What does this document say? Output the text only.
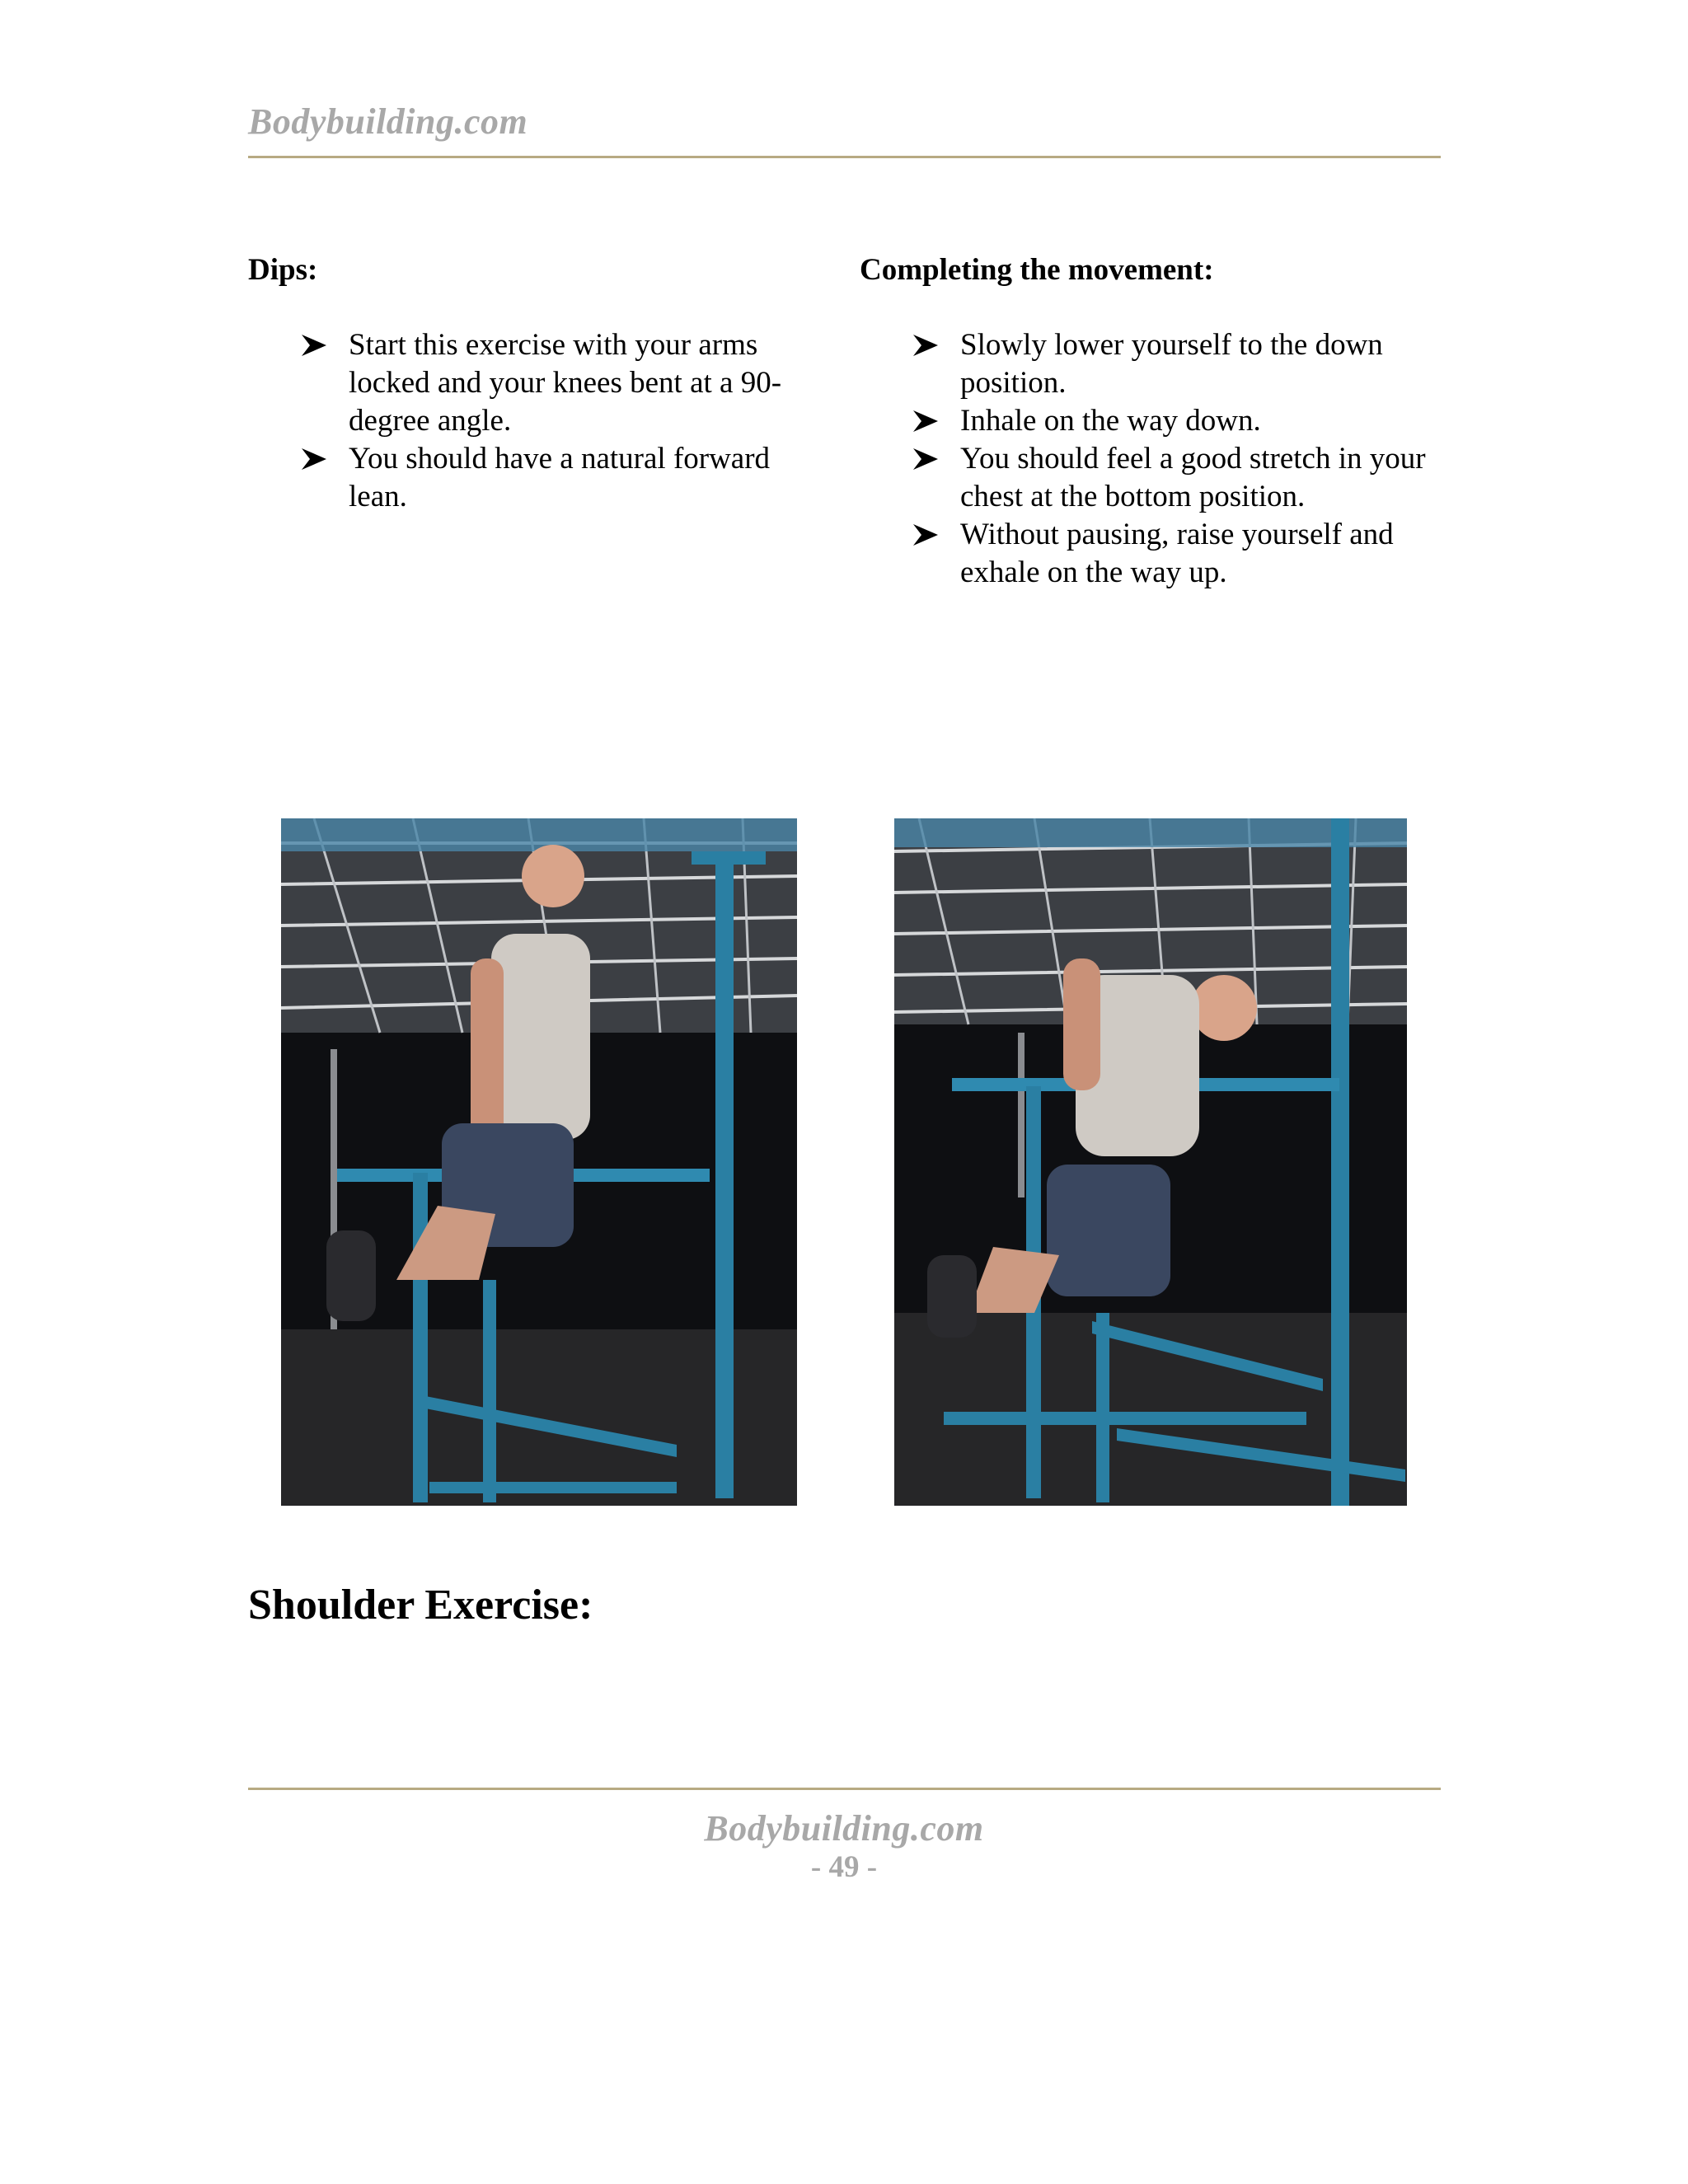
Bodybuilding.com
Dips:
Start this exercise with your arms locked and your knees bent at a 90-degree angle.
You should have a natural forward lean.
Completing the movement:
Slowly lower yourself to the down position.
Inhale on the way down.
You should feel a good stretch in your chest at the bottom position.
Without pausing, raise yourself and exhale on the way up.
Shoulder Exercise:
Bodybuilding.com
- 49 -
